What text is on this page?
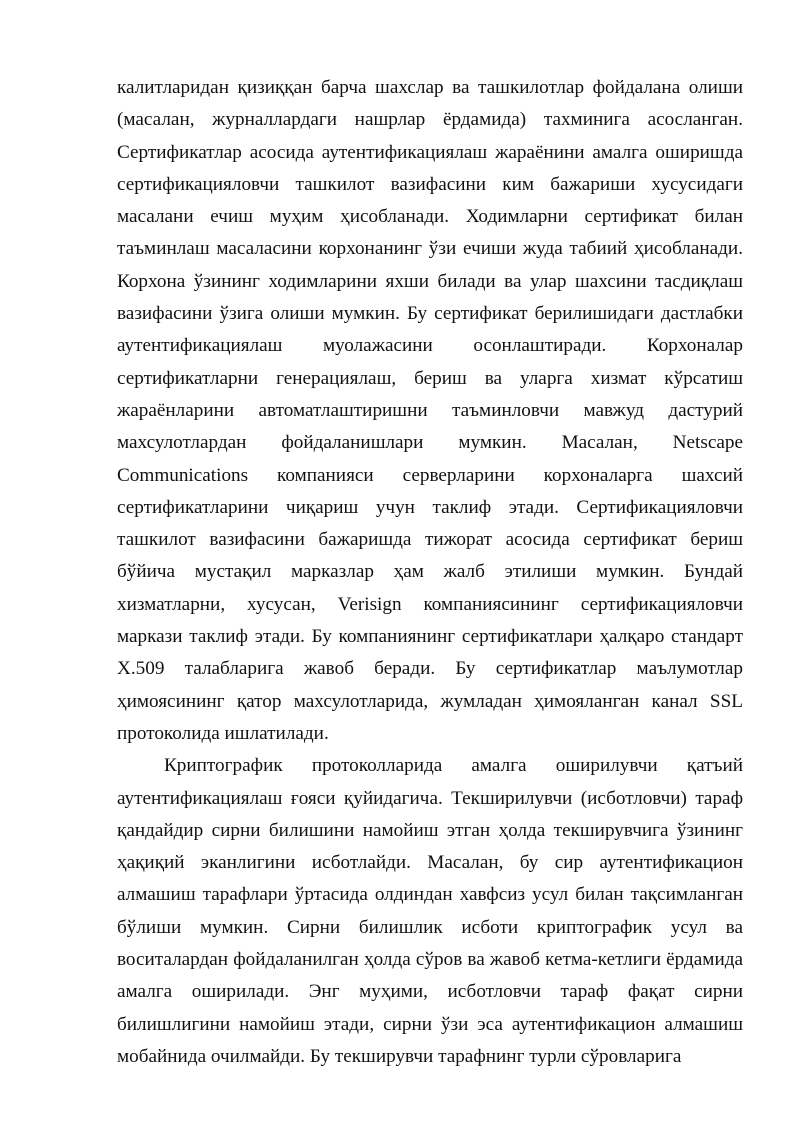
калитларидан қизиққан барча шахслар ва ташкилотлар фойдалана олиши (масалан, журналлардаги нашрлар ёрдамида) тахминига асосланган. Сертификатлар асосида аутентификациялаш жараёнини амалга оширишда сертификацияловчи ташкилот вазифасини ким бажариши хусусидаги масалани ечиш муҳим ҳисобланади. Ходимларни сертификат билан таъминлаш масаласини корхонанинг ўзи ечиши жуда табиий ҳисобланади. Корхона ўзининг ходимларини яхши билади ва улар шахсини тасдиқлаш вазифасини ўзига олиши мумкин. Бу сертификат берилишидаги дастлабки аутентификациялаш муолажасини осонлаштиради. Корхоналар сертификатларни генерациялаш, бериш ва уларга хизмат кўрсатиш жараёнларини автоматлаштиришни таъминловчи мавжуд дастурий махсулотлардан фойдаланишлари мумкин. Масалан, Netscape Communications компанияси серверларини корхоналарга шахсий сертификатларини чиқариш учун таклиф этади. Сертификацияловчи ташкилот вазифасини бажаришда тижорат асосида сертификат бериш бўйича мустақил марказлар ҳам жалб этилиши мумкин. Бундай хизматларни, хусусан, Verisign компаниясининг сертификацияловчи маркази таклиф этади. Бу компаниянинг сертификатлари ҳалқаро стандарт X.509 талабларига жавоб беради. Бу сертификатлар маълумотлар ҳимоясининг қатор махсулотларида, жумладан ҳимояланган канал SSL протоколида ишлатилади.

Криптографик протоколларида амалга оширилувчи қатъий аутентификациялаш ғояси қуйидагича. Текширилувчи (исботловчи) тараф қандайдир сирни билишини намойиш этган ҳолда текширувчига ўзининг ҳақиқий эканлигини исботлайди. Масалан, бу сир аутентификацион алмашиш тарафлари ўртасида олдиндан хавфсиз усул билан тақсимланган бўлиши мумкин. Сирни билишлик исботи криптографик усул ва воситалардан фойдаланилган ҳолда сўров ва жавоб кетма-кетлиги ёрдамида амалга оширилади. Энг муҳими, исботловчи тараф фақат сирни билишлигини намойиш этади, сирни ўзи эса аутентификацион алмашиш мобайнида очилмайди. Бу текширувчи тарафнинг турли сўровларига
